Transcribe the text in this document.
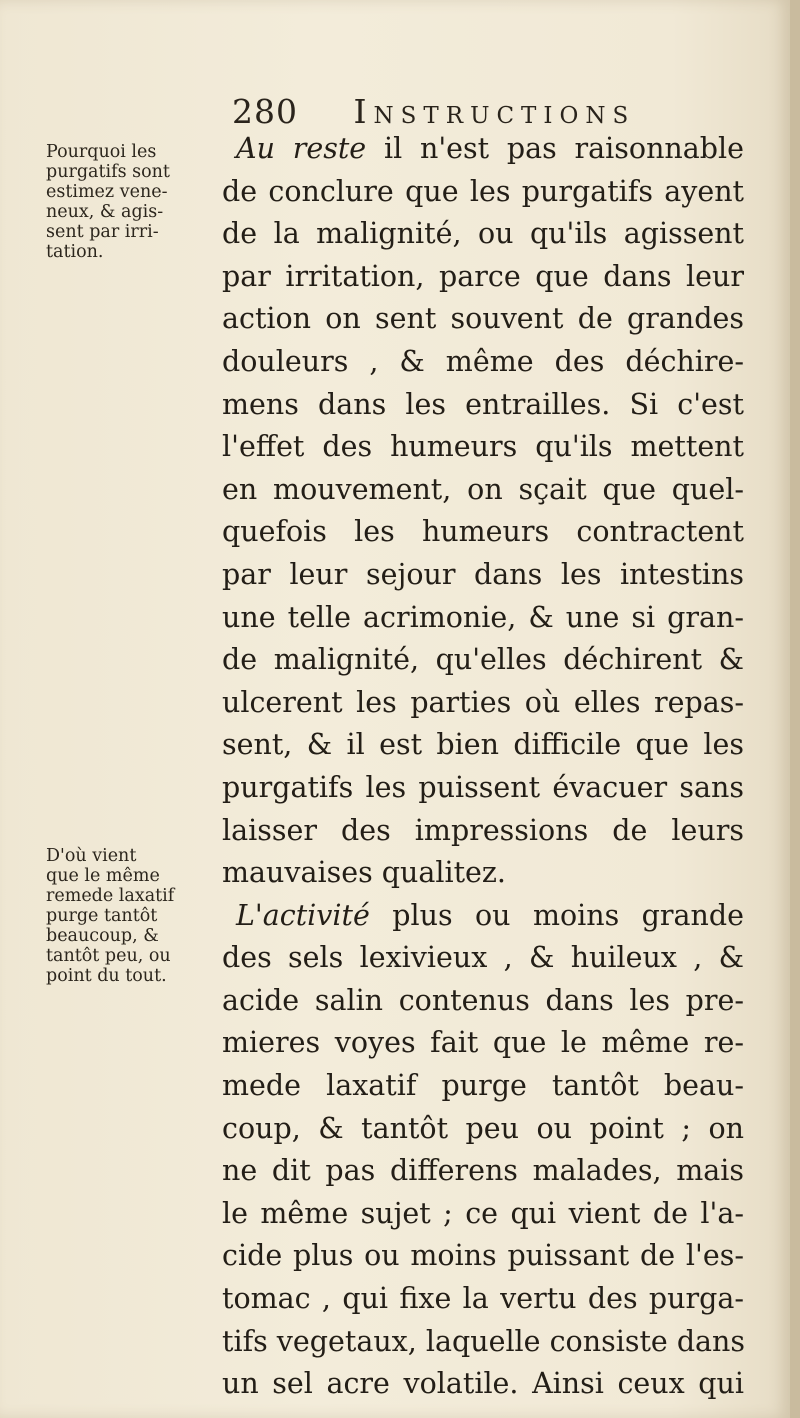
280 Instructions
Pourquoi les
purgatifs sont
estimez vene-
neux, & agis-
sent par irri-
tation.
D'où vient
que le même
remede laxatif
purge tantôt
beaucoup, &
tantôt peu, ou
point du tout.
Au reste il n'est pas raisonnable
de conclure que les purgatifs ayent
de la malignité, ou qu'ils agissent
par irritation, parce que dans leur
action on sent souvent de grandes
douleurs , & même des déchire-
mens dans les entrailles. Si c'est
l'effet des humeurs qu'ils mettent
en mouvement, on sçait que quel-
quefois les humeurs contractent
par leur sejour dans les intestins
une telle acrimonie, & une si gran-
de malignité, qu'elles déchirent &
ulcerent les parties où elles repas-
sent, & il est bien difficile que les
purgatifs les puissent évacuer sans
laisser des impressions de leurs
mauvaises qualitez.
L'activité plus ou moins grande
des sels lexivieux , & huileux , &
acide salin contenus dans les pre-
mieres voyes fait que le même re-
mede laxatif purge tantôt beau-
coup, & tantôt peu ou point ; on
ne dit pas differens malades, mais
le même sujet ; ce qui vient de l'a-
cide plus ou moins puissant de l'es-
tomac , qui fixe la vertu des purga-
tifs vegetaux, laquelle consiste dans
un sel acre volatile. Ainsi ceux qui
